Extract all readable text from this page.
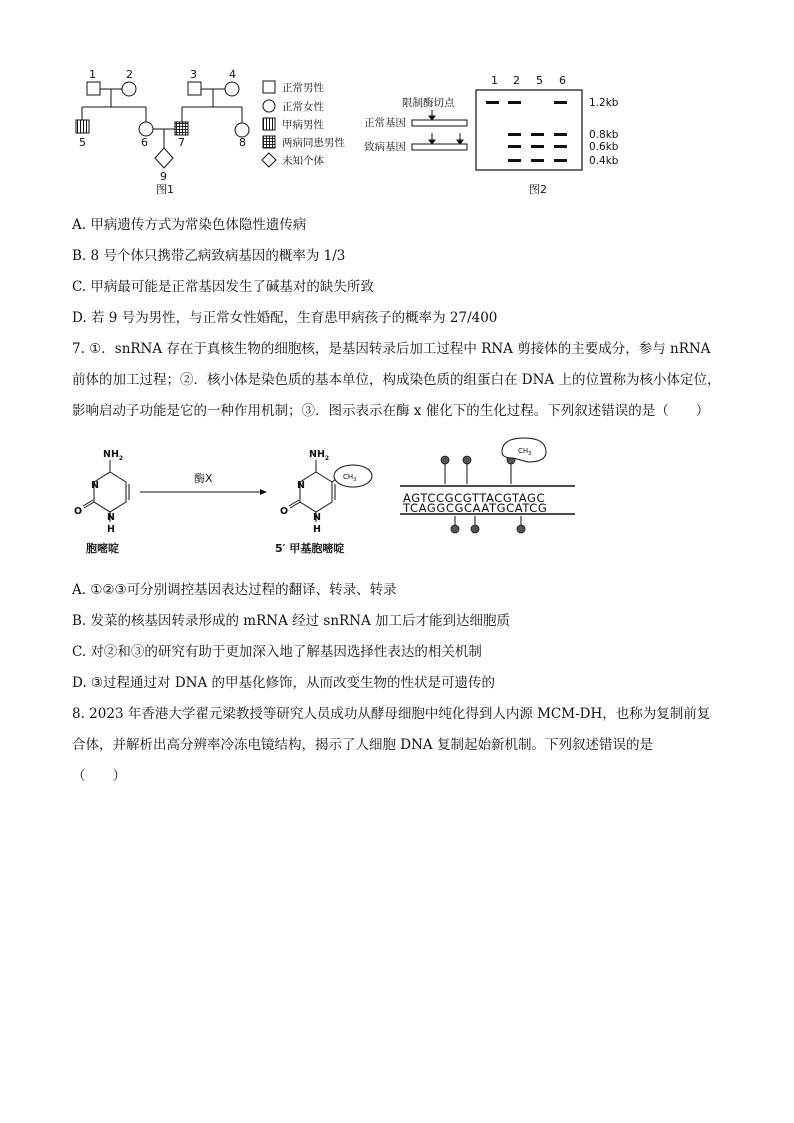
1	2	3	4
5	6	7	8
9
图1
正常男性
正常女性
甲病男性
两病同患男性
未知个体
限制酶切点
正常基因
致病基因
1 2 5 6
1.2kb
0.8kb
0.6kb
0.4kb
图2
A. 甲病遗传方式为常染色体隐性遗传病
B. 8 号个体只携带乙病致病基因的概率为 1/3
C. 甲病最可能是正常基因发生了碱基对的缺失所致
D. 若 9 号为男性，与正常女性婚配，生育患甲病孩子的概率为 27/400
7. ①．snRNA 存在于真核生物的细胞核，是基因转录后加工过程中 RNA 剪接体的主要成分，参与 nRNA
前体的加工过程；②．核小体是染色质的基本单位，构成染色质的组蛋白在 DNA 上的位置称为核小体定位，
影响启动子功能是它的一种作用机制；③．图示表示在酶 x 催化下的生化过程。下列叙述错误的是（　　）
$NH_2$
O
N
N
H
胞嘧啶
酶X
$NH_2$
O
N
N
H
$CH_3$
5′ 甲基胞嘧啶
$CH_3$
AGTCCGCGTTACGTAGC
TCAGGCGCAATGCATCG
A. ①②③可分别调控基因表达过程的翻译、转录、转录
B. 发菜的核基因转录形成的 mRNA 经过 snRNA 加工后才能到达细胞质
C. 对②和③的研究有助于更加深入地了解基因选择性表达的相关机制
D. ③过程通过对 DNA 的甲基化修饰，从而改变生物的性状是可遗传的
8. 2023 年香港大学翟元梁教授等研究人员成功从酵母细胞中纯化得到人内源 MCM-DH，也称为复制前复
合体，并解析出高分辨率冷冻电镜结构，揭示了人细胞 DNA 复制起始新机制。下列叙述错误的是
（　　）
